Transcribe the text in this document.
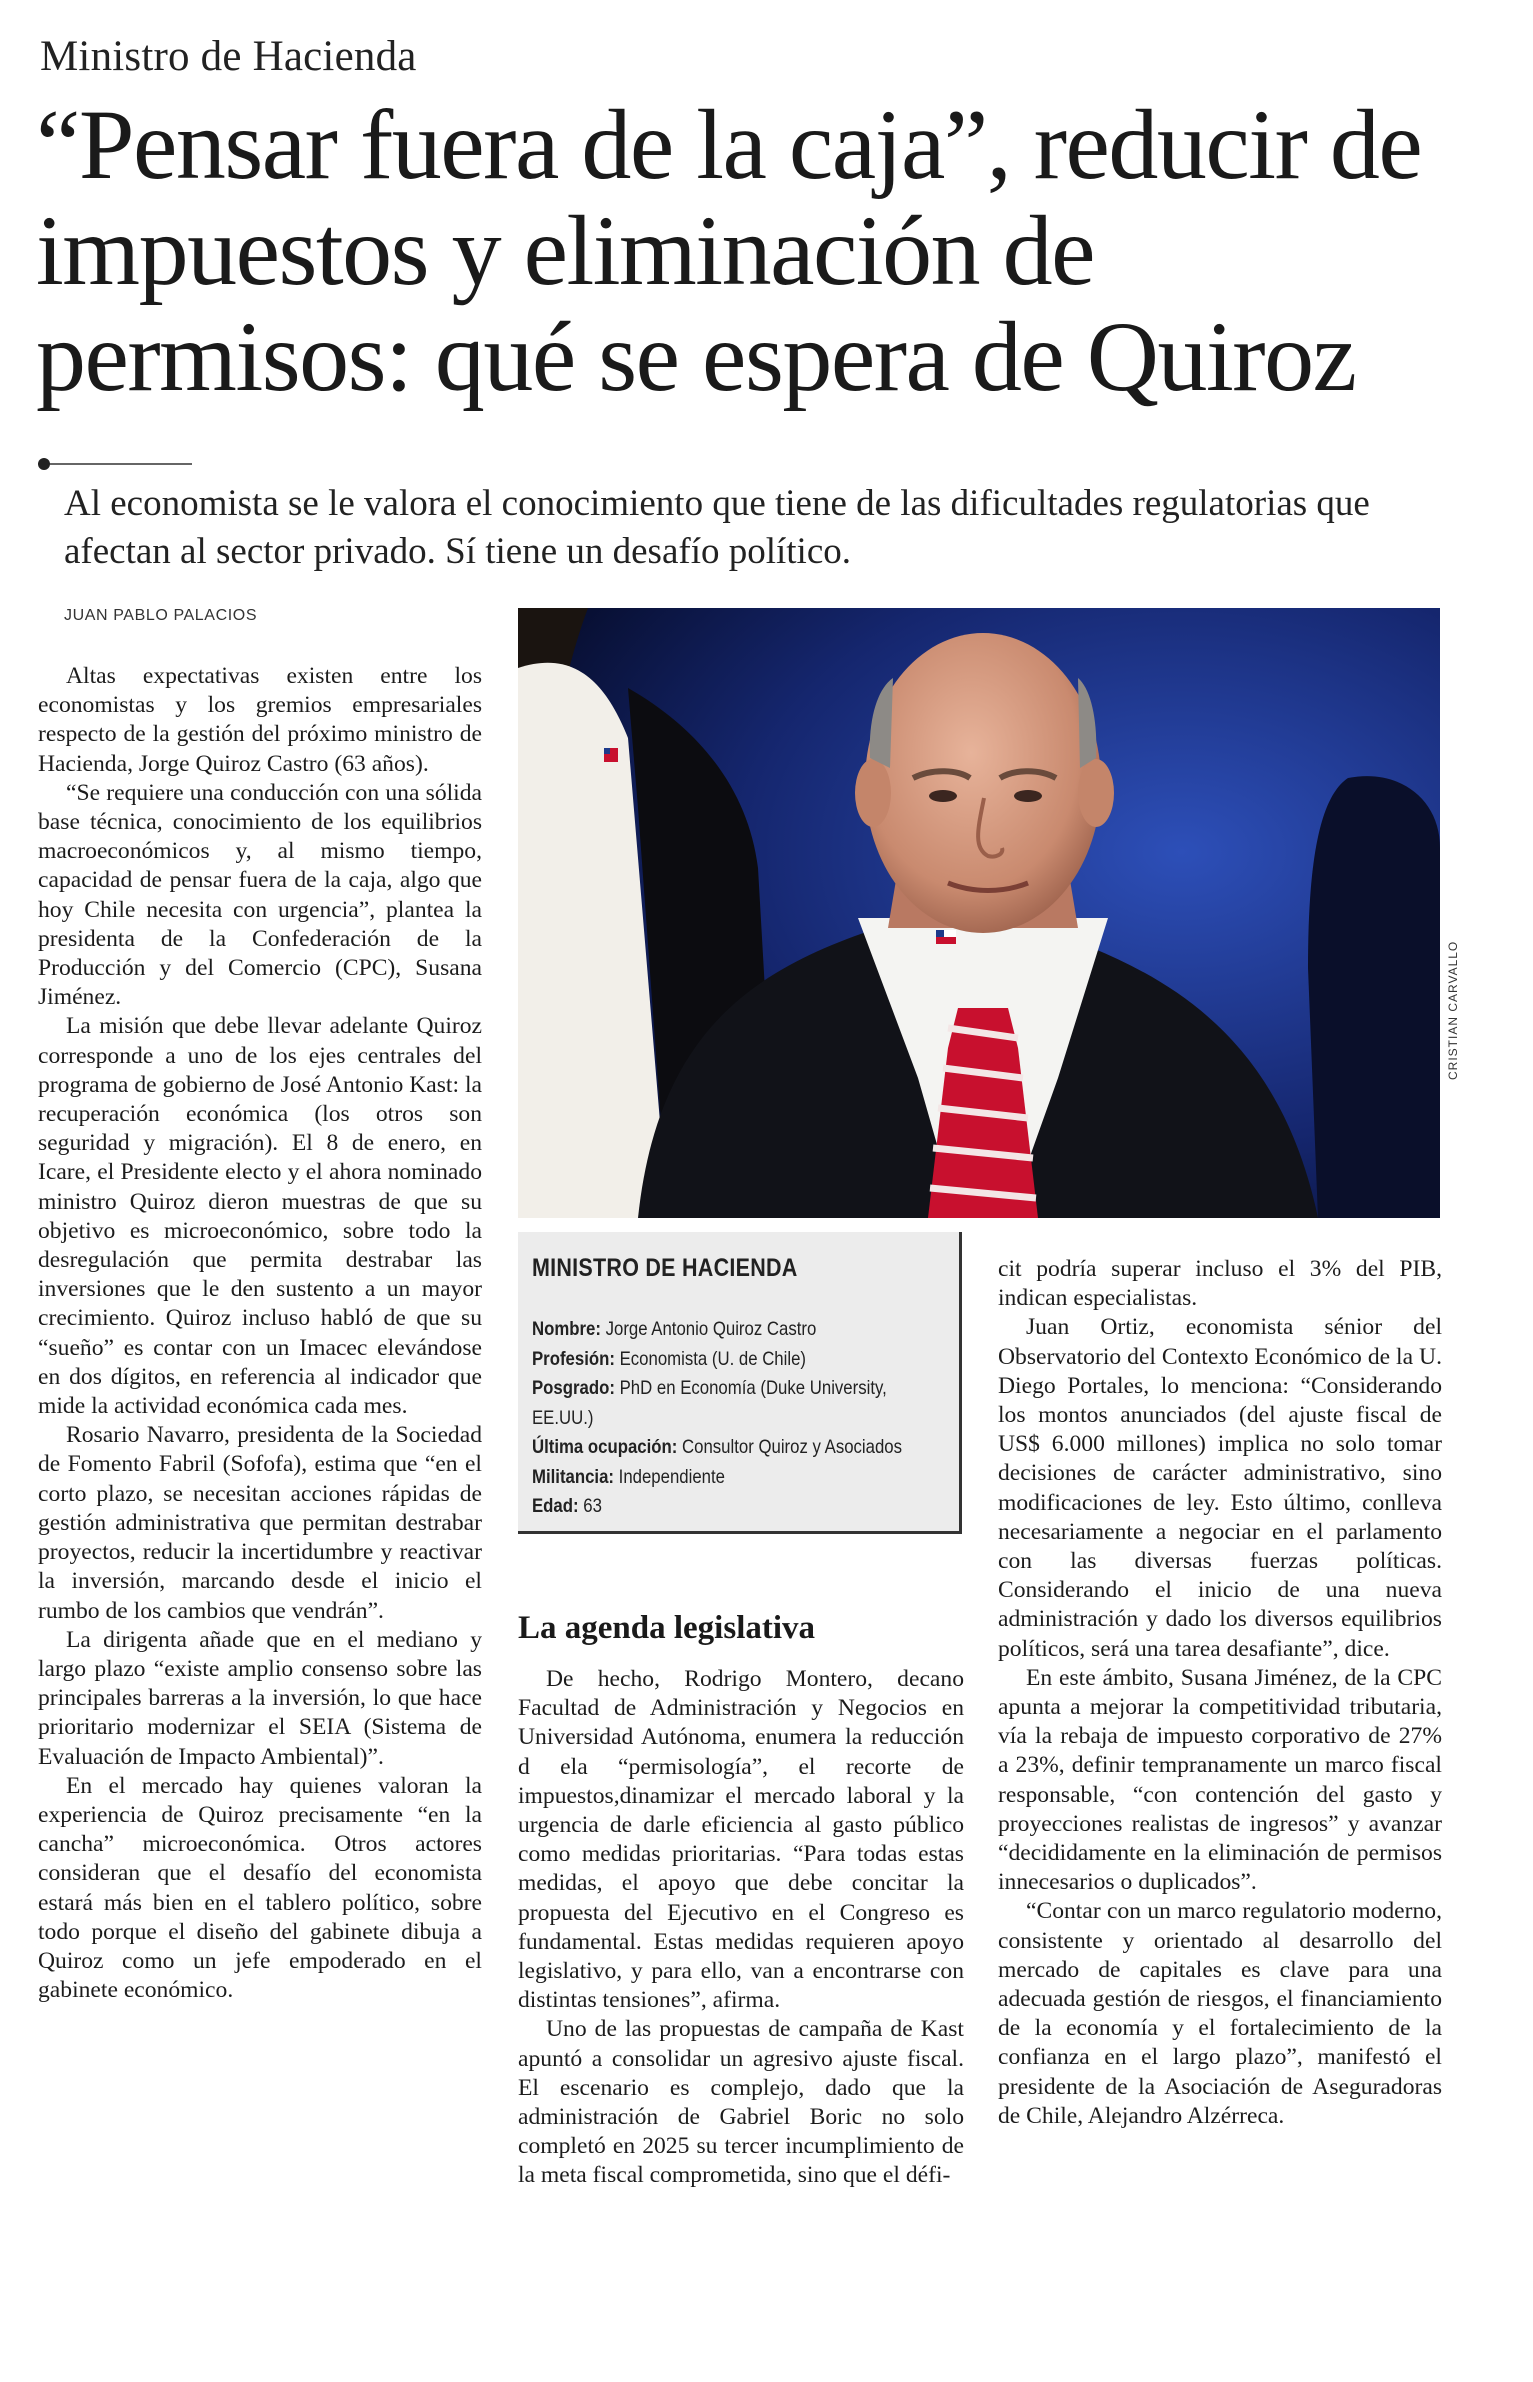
Ministro de Hacienda
“Pensar fuera de la caja”, reducir de impuestos y eliminación de permisos: qué se espera de Quiroz
Al economista se le valora el conocimiento que tiene de las dificultades regulatorias que afectan al sector privado. Sí tiene un desafío político.
JUAN PABLO PALACIOS

Altas expectativas existen entre los economistas y los gremios empresariales respecto de la gestión del próximo ministro de Hacienda, Jorge Quiroz Castro (63 años).

“Se requiere una conducción con una sólida base técnica, conocimiento de los equilibrios macroeconómicos y, al mismo tiempo, capacidad de pensar fuera de la caja, algo que hoy Chile necesita con urgencia”, plantea la presidenta de la Confederación de la Producción y del Comercio (CPC), Susana Jiménez.

La misión que debe llevar adelante Quiroz corresponde a uno de los ejes centrales del programa de gobierno de José Antonio Kast: la recuperación económica (los otros son seguridad y migración). El 8 de enero, en Icare, el Presidente electo y el ahora nominado ministro Quiroz dieron muestras de que su objetivo es microeconómico, sobre todo la desregulación que permita destrabar las inversiones que le den sustento a un mayor crecimiento. Quiroz incluso habló de que su “sueño” es contar con un Imacec elevándose en dos dígitos, en referencia al indicador que mide la actividad económica cada mes.

Rosario Navarro, presidenta de la Sociedad de Fomento Fabril (Sofofa), estima que “en el corto plazo, se necesitan acciones rápidas de gestión administrativa que permitan destrabar proyectos, reducir la incertidumbre y reactivar la inversión, marcando desde el inicio el rumbo de los cambios que vendrán”.

La dirigenta añade que en el mediano y largo plazo “existe amplio consenso sobre las principales barreras a la inversión, lo que hace prioritario modernizar el SEIA (Sistema de Evaluación de Impacto Ambiental)”.

En el mercado hay quienes valoran la experiencia de Quiroz precisamente “en la cancha” microeconómica. Otros actores consideran que el desafío del economista estará más bien en el tablero político, sobre todo porque el diseño del gabinete dibuja a Quiroz como un jefe empoderado en el gabinete económico.

CRISTIAN CARVALLO
MINISTRO DE HACIENDA
Nombre: Jorge Antonio Quiroz Castro
Profesión: Economista (U. de Chile)
Posgrado: PhD en Economía (Duke University, EE.UU.)
Última ocupación: Consultor Quiroz y Asociados
Militancia: Independiente
Edad: 63
La agenda legislativa

De hecho, Rodrigo Montero, decano Facultad de Administración y Negocios en Universidad Autónoma, enumera la reducción d ela “permisología”, el recorte de impuestos,dinamizar el mercado laboral y la urgencia de darle eficiencia al gasto público como medidas prioritarias. “Para todas estas medidas, el apoyo que debe concitar la propuesta del Ejecutivo en el Congreso es fundamental. Estas medidas requieren apoyo legislativo, y para ello, van a encontrarse con distintas tensiones”, afirma.

Uno de las propuestas de campaña de Kast apuntó a consolidar un agresivo ajuste fiscal. El escenario es complejo, dado que la administración de Gabriel Boric no solo completó en 2025 su tercer incumplimiento de la meta fiscal comprometida, sino que el défi-

cit podría superar incluso el 3% del PIB, indican especialistas.

Juan Ortiz, economista sénior del Observatorio del Contexto Económico de la U. Diego Portales, lo menciona: “Considerando los montos anunciados (del ajuste fiscal de US$ 6.000 millones) implica no solo tomar decisiones de carácter administrativo, sino modificaciones de ley. Esto último, conlleva necesariamente a negociar en el parlamento con las diversas fuerzas políticas. Considerando el inicio de una nueva administración y dado los diversos equilibrios políticos, será una tarea desafiante”, dice.

En este ámbito, Susana Jiménez, de la CPC apunta a mejorar la competitividad tributaria, vía la rebaja de impuesto corporativo de 27% a 23%, definir tempranamente un marco fiscal responsable, “con contención del gasto y proyecciones realistas de ingresos” y avanzar “decididamente en la eliminación de permisos innecesarios o duplicados”.

“Contar con un marco regulatorio moderno, consistente y orientado al desarrollo del mercado de capitales es clave para una adecuada gestión de riesgos, el financiamiento de la economía y el fortalecimiento de la confianza en el largo plazo”, manifestó el presidente de la Asociación de Aseguradoras de Chile, Alejandro Alzérreca.
